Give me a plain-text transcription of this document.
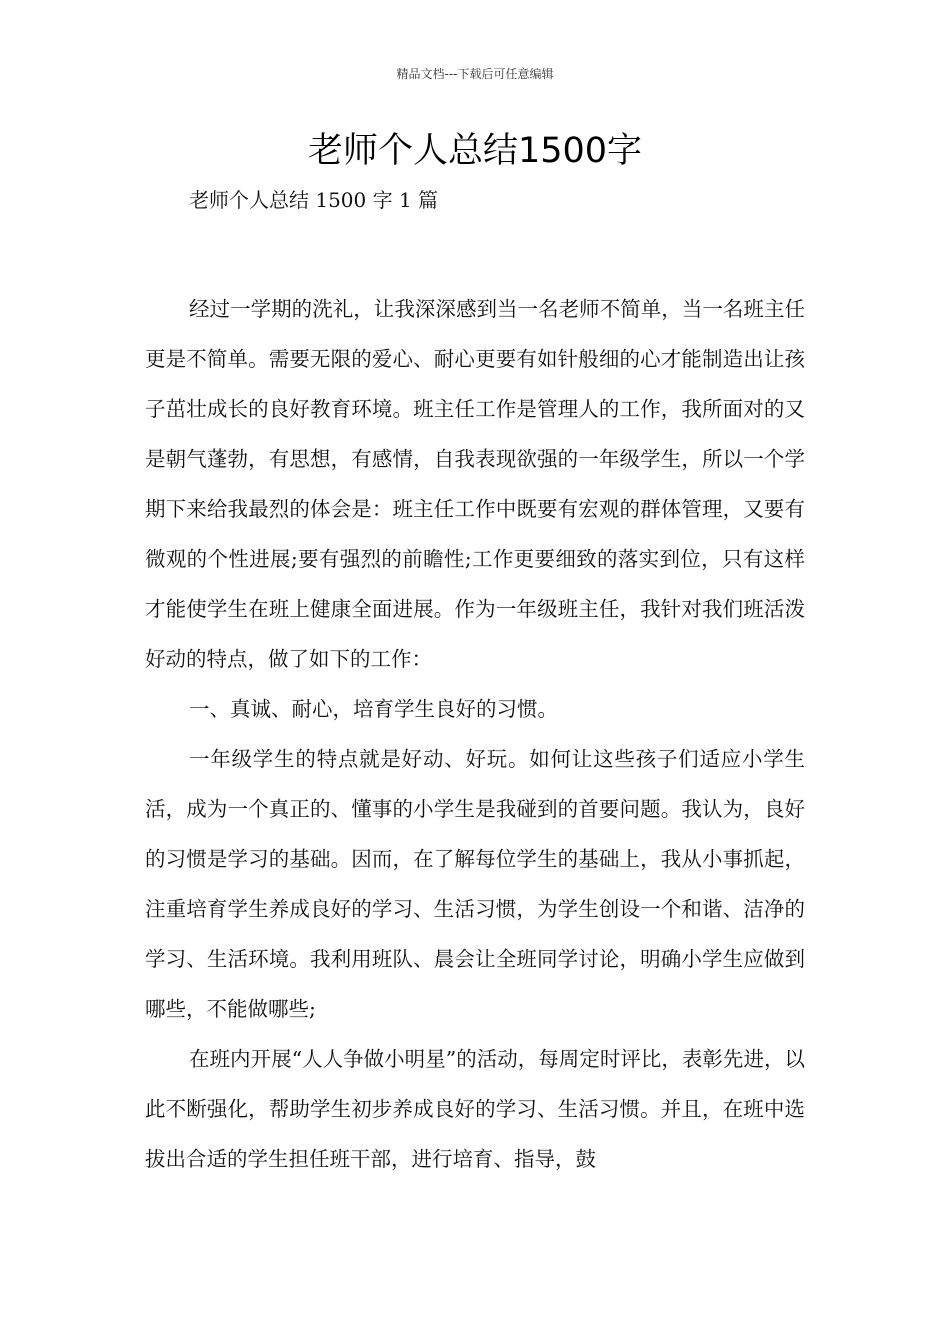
精品文档---下载后可任意编辑
老师个人总结1500字
老师个人总结 1500 字 1 篇

经过一学期的洗礼，让我深深感到当一名老师不简单，当一名班主任更是不简单。需要无限的爱心、耐心更要有如针般细的心才能制造出让孩子茁壮成长的良好教育环境。班主任工作是管理人的工作，我所面对的又是朝气蓬勃，有思想，有感情，自我表现欲强的一年级学生，所以一个学期下来给我最烈的体会是：班主任工作中既要有宏观的群体管理，又要有微观的个性进展;要有强烈的前瞻性;工作更要细致的落实到位，只有这样才能使学生在班上健康全面进展。作为一年级班主任，我针对我们班活泼好动的特点，做了如下的工作：

一、真诚、耐心，培育学生良好的习惯。

一年级学生的特点就是好动、好玩。如何让这些孩子们适应小学生活，成为一个真正的、懂事的小学生是我碰到的首要问题。我认为，良好的习惯是学习的基础。因而，在了解每位学生的基础上，我从小事抓起，注重培育学生养成良好的学习、生活习惯，为学生创设一个和谐、洁净的学习、生活环境。我利用班队、晨会让全班同学讨论，明确小学生应做到哪些，不能做哪些;

在班内开展“人人争做小明星”的活动，每周定时评比，表彰先进，以此不断强化，帮助学生初步养成良好的学习、生活习惯。并且，在班中选拔出合适的学生担任班干部，进行培育、指导，鼓
